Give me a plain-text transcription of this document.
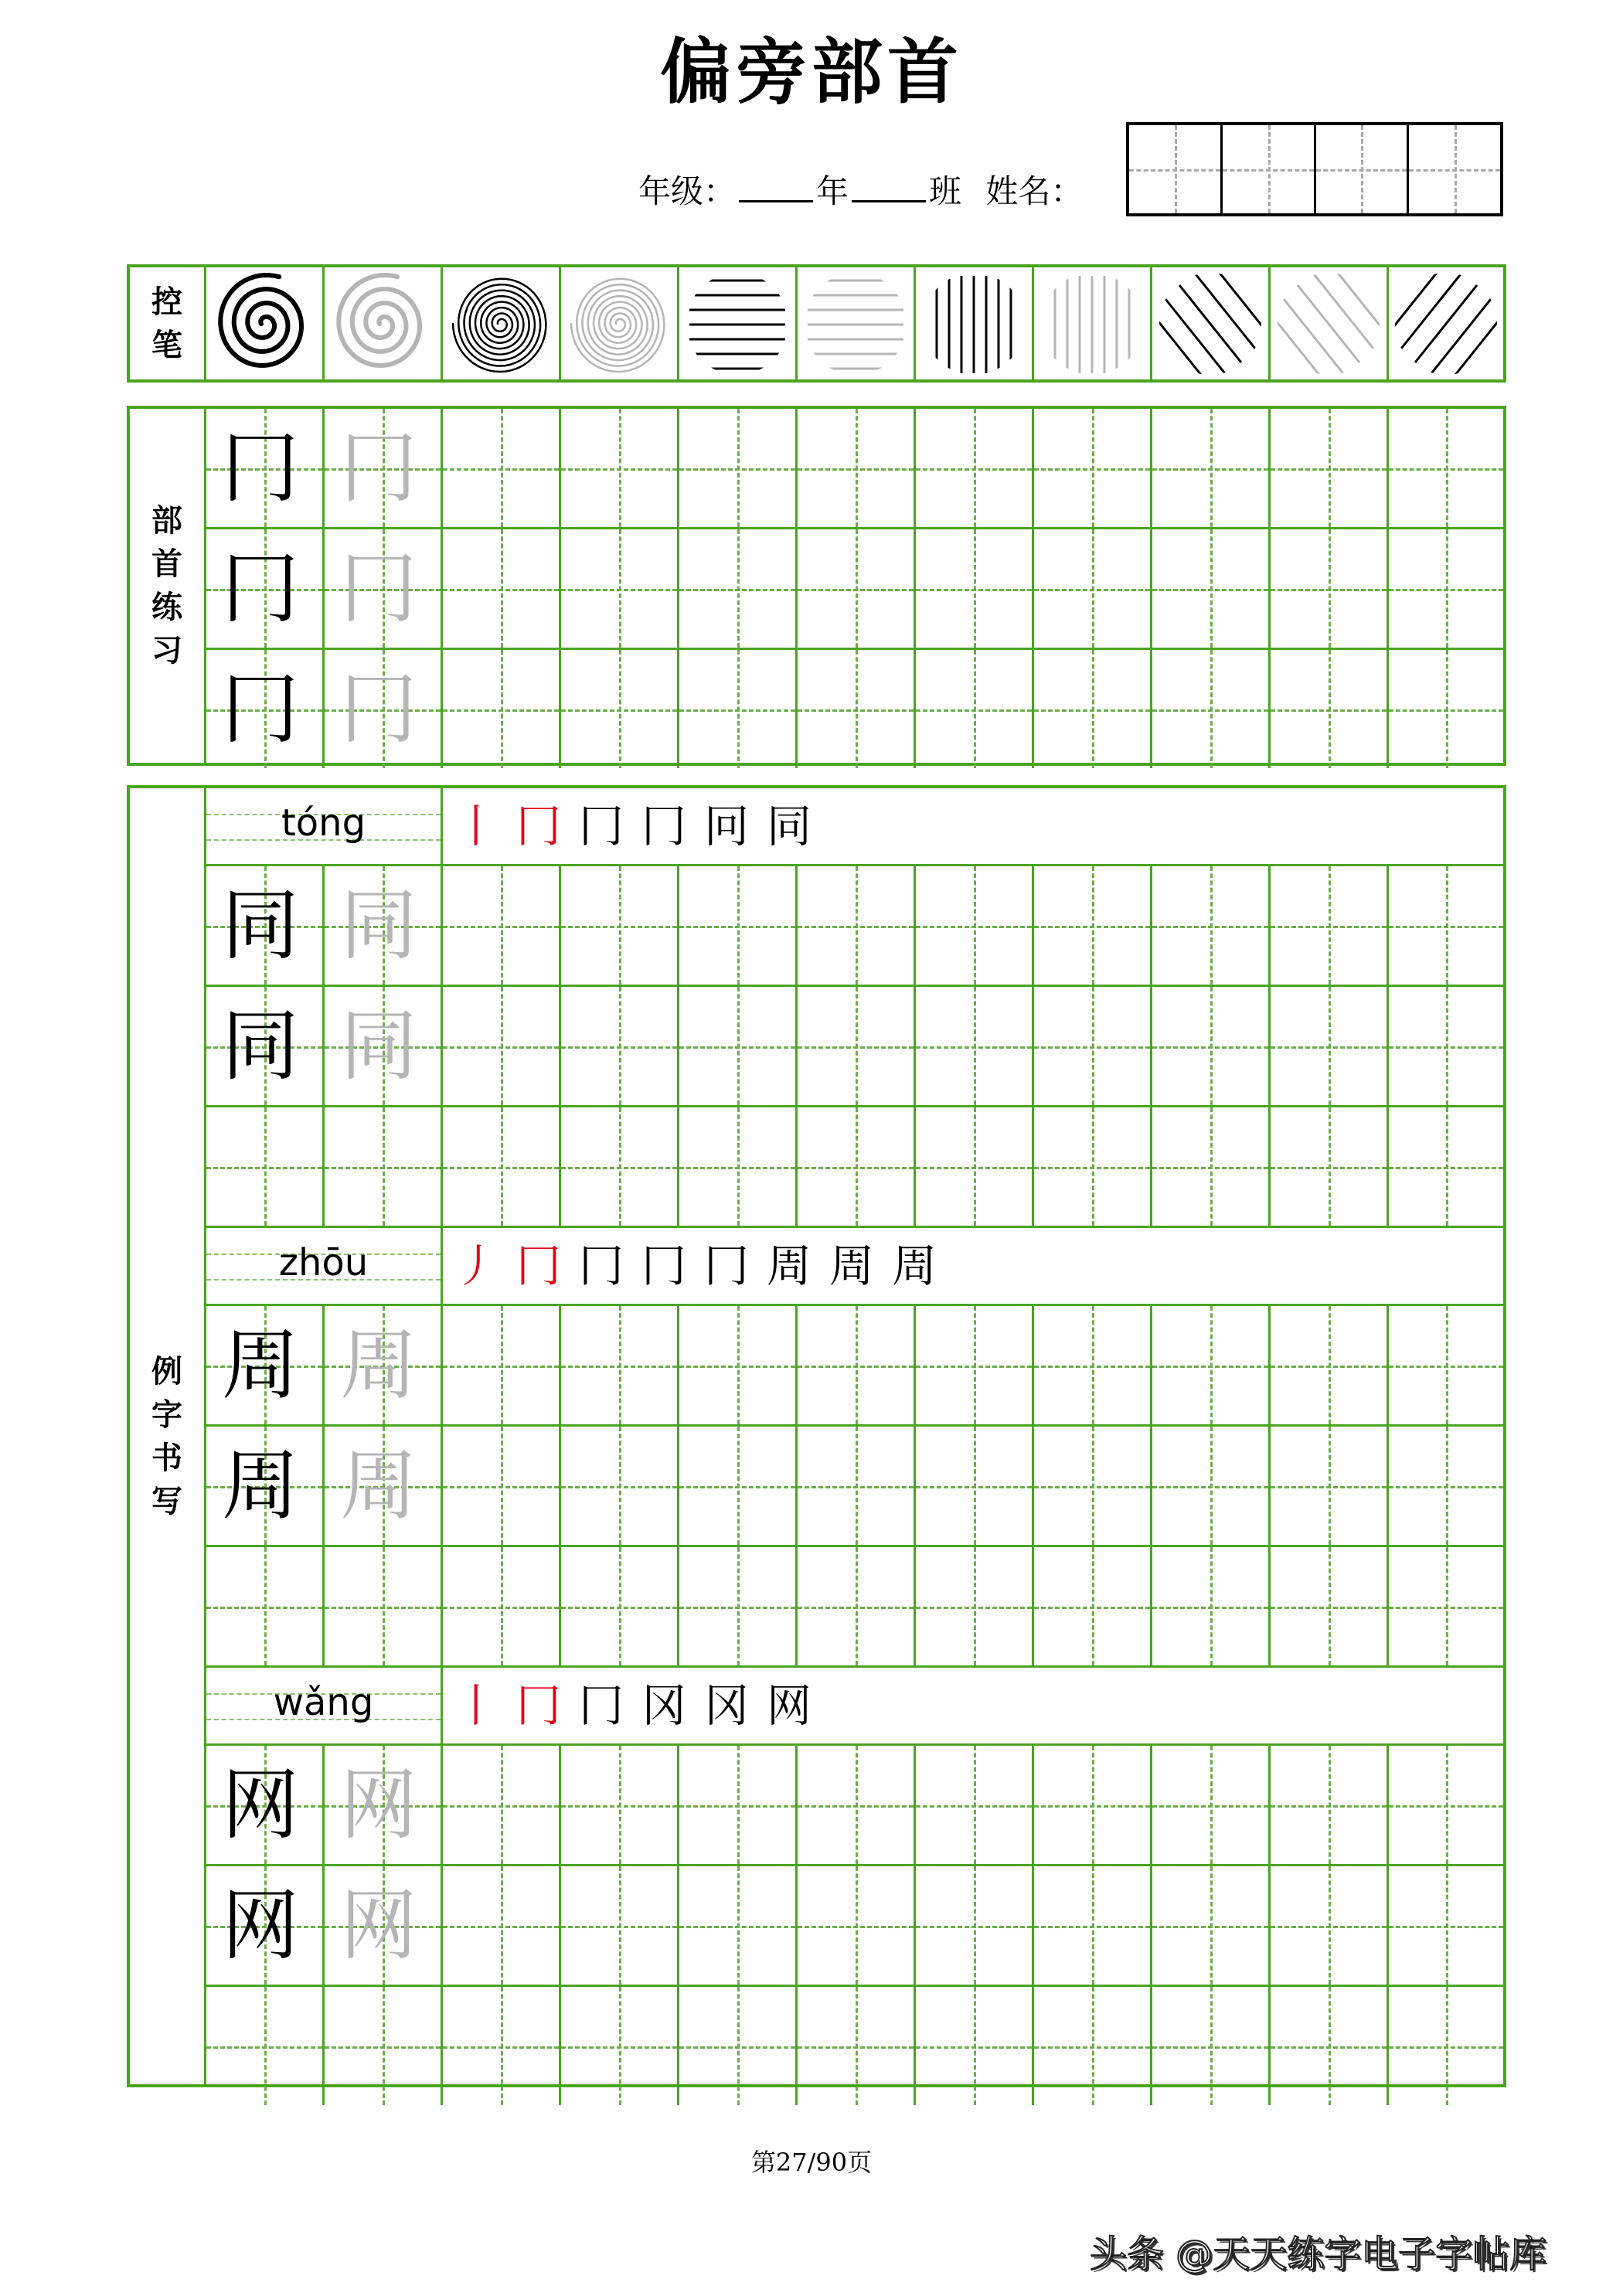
偏旁部首
年级： 年 班 姓名：
控
笔
部
首
练
习
冂 冂
冂 冂
冂 冂
例
字
书
写
tóng	丨 冂 冂 冂 冋 同
同 同
同 同
zhōu	丿 冂 冂 冂 冂 周 周 周
周 周
周 周
wǎng	丨 冂 冂 冈 冈 网
网 网
网 网
第27/90页
头条 @天天练字电子字帖库
